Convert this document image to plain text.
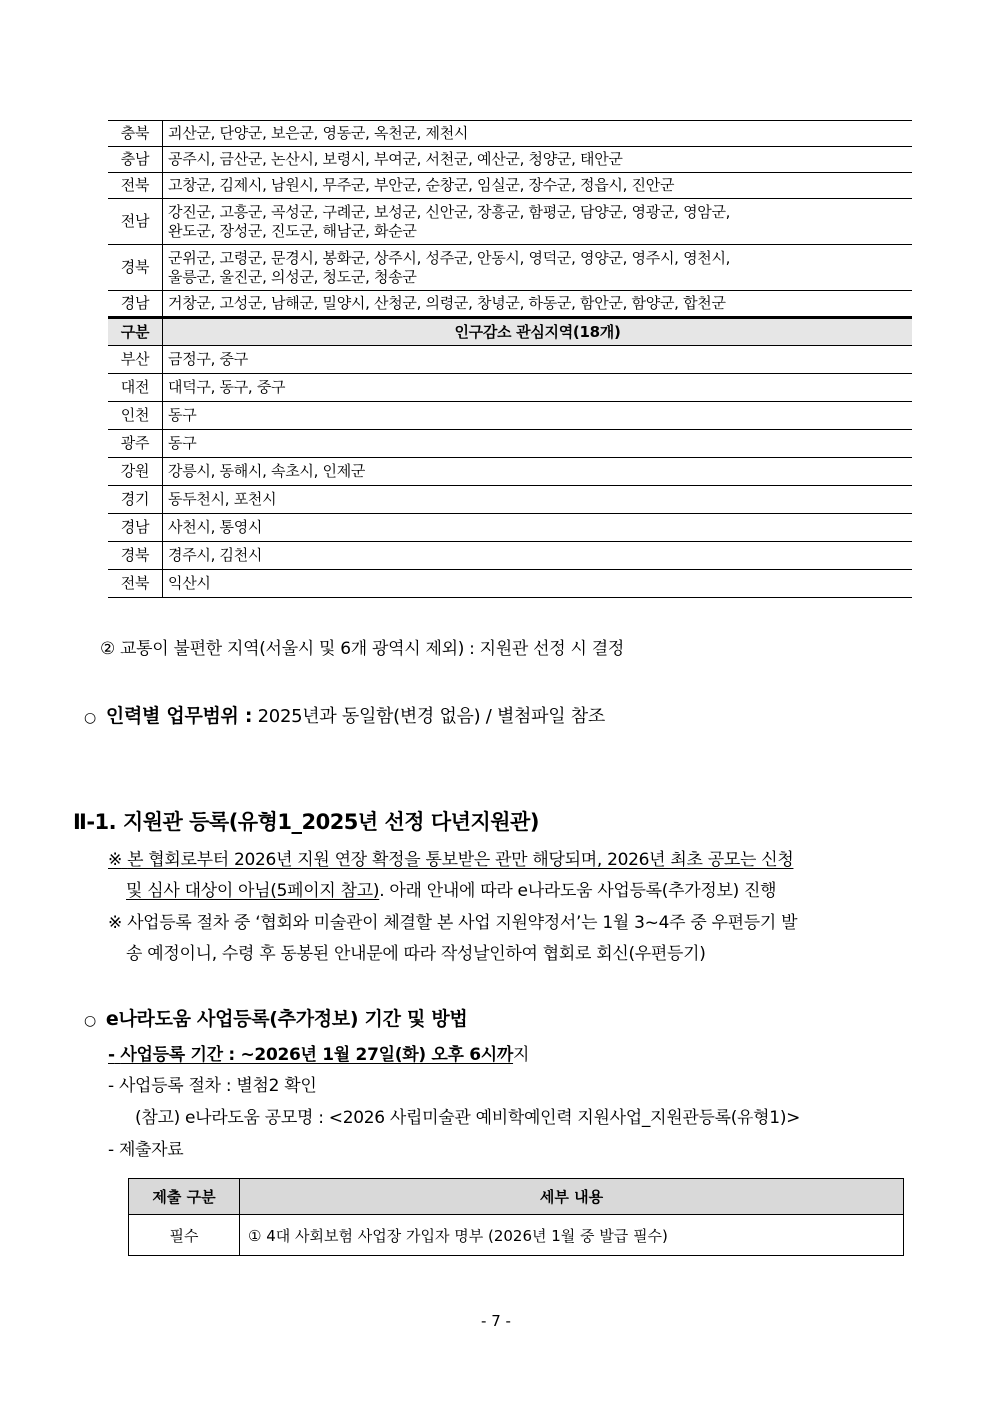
충북	괴산군, 단양군, 보은군, 영동군, 옥천군, 제천시
충남	공주시, 금산군, 논산시, 보령시, 부여군, 서천군, 예산군, 청양군, 태안군
전북	고창군, 김제시, 남원시, 무주군, 부안군, 순창군, 임실군, 장수군, 정읍시, 진안군
전남	강진군, 고흥군, 곡성군, 구례군, 보성군, 신안군, 장흥군, 함평군, 담양군, 영광군, 영암군,
완도군, 장성군, 진도군, 해남군, 화순군

경북	군위군, 고령군, 문경시, 봉화군, 상주시, 성주군, 안동시, 영덕군, 영양군, 영주시, 영천시,
울릉군, 울진군, 의성군, 청도군, 청송군

경남	거창군, 고성군, 남해군, 밀양시, 산청군, 의령군, 창녕군, 하동군, 함안군, 함양군, 합천군
구분	인구감소 관심지역(18개)
부산	금정구, 중구
대전	대덕구, 동구, 중구
인천	동구
광주	동구
강원	강릉시, 동해시, 속초시, 인제군
경기	동두천시, 포천시
경남	사천시, 통영시
경북	경주시, 김천시
전북	익산시
② 교통이 불편한 지역(서울시 및 6개 광역시 제외) : 지원관 선정 시 결정
○ 인력별 업무범위 : 2025년과 동일함(변경 없음) / 별첨파일 참조
Ⅱ-1. 지원관 등록(유형1_2025년 선정 다년지원관)
※ 본 협회로부터 2026년 지원 연장 확정을 통보받은 관만 해당되며, 2026년 최초 공모는 신청
및 심사 대상이 아님(5페이지 참고). 아래 안내에 따라 e나라도움 사업등록(추가정보) 진행
※ 사업등록 절차 중 ‘협회와 미술관이 체결할 본 사업 지원약정서’는 1월 3~4주 중 우편등기 발
송 예정이니, 수령 후 동봉된 안내문에 따라 작성날인하여 협회로 회신(우편등기)
○ e나라도움 사업등록(추가정보) 기간 및 방법
- 사업등록 기간 : ~2026년 1월 27일(화) 오후 6시까지
- 사업등록 절차 : 별첨2 확인
(참고) e나라도움 공모명 : <2026 사립미술관 예비학예인력 지원사업_지원관등록(유형1)>
- 제출자료
제출 구분	세부 내용
필수	① 4대 사회보험 사업장 가입자 명부 (2026년 1월 중 발급 필수)
- 7 -
